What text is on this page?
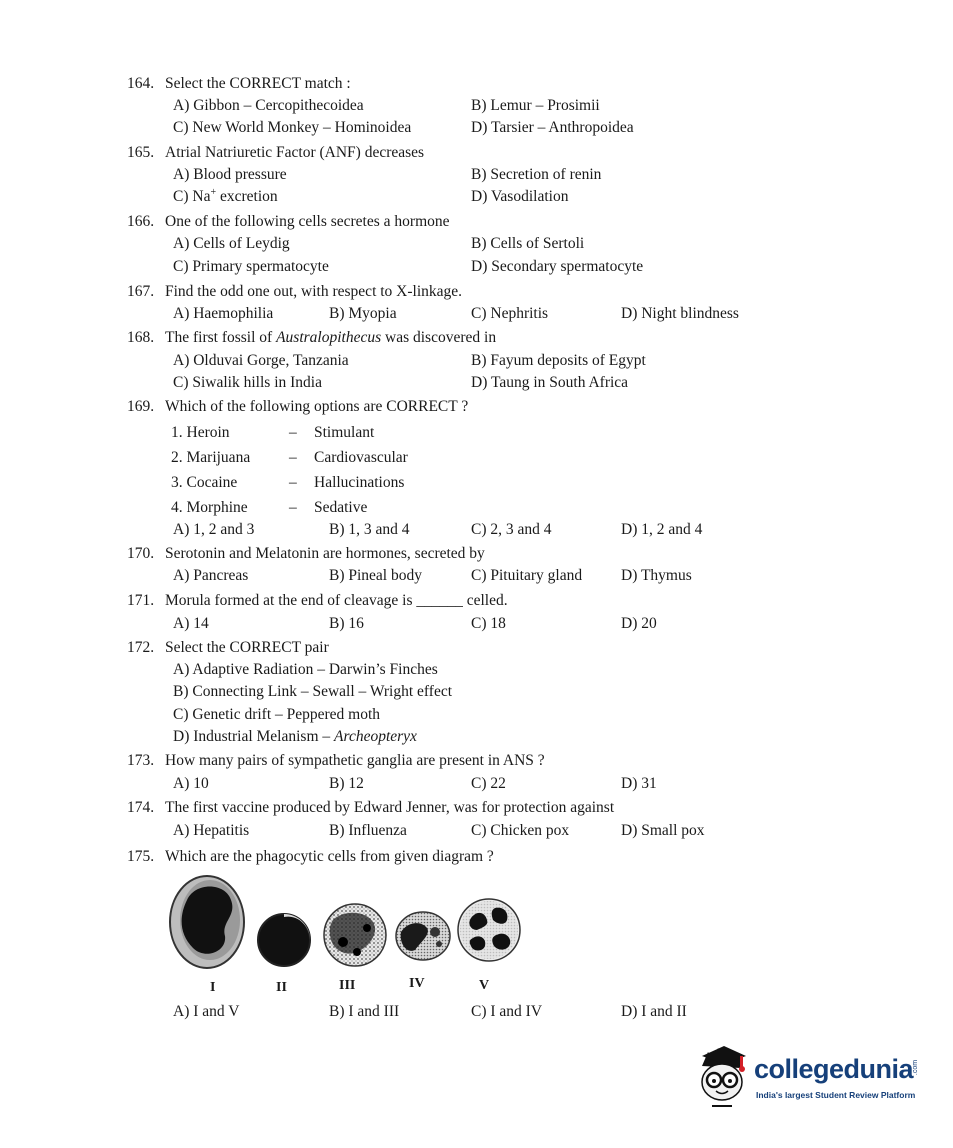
164. Select the CORRECT match :
A) Gibbon – Cercopithecoidea	B) Lemur – Prosimii
C) New World Monkey – Hominoidea	D) Tarsier – Anthropoidea
165. Atrial Natriuretic Factor (ANF) decreases
A) Blood pressure	B) Secretion of renin
C) Na+ excretion	D) Vasodilation
166. One of the following cells secretes a hormone
A) Cells of Leydig	B) Cells of Sertoli
C) Primary spermatocyte	D) Secondary spermatocyte
167. Find the odd one out, with respect to X-linkage.
A) Haemophilia	B) Myopia	C) Nephritis	D) Night blindness
168. The first fossil of Australopithecus was discovered in
A) Olduvai Gorge, Tanzania	B) Fayum deposits of Egypt
C) Siwalik hills in India	D) Taung in South Africa
169. Which of the following options are CORRECT ?
1. Heroin	– Stimulant
2. Marijuana	– Cardiovascular
3. Cocaine	– Hallucinations
4. Morphine	– Sedative
A) 1, 2 and 3	B) 1, 3 and 4	C) 2, 3 and 4	D) 1, 2 and 4
170. Serotonin and Melatonin are hormones, secreted by
A) Pancreas	B) Pineal body	C) Pituitary gland	D) Thymus
171. Morula formed at the end of cleavage is ______ celled.
A) 14	B) 16	C) 18	D) 20
172. Select the CORRECT pair
A) Adaptive Radiation – Darwin’s Finches
B) Connecting Link – Sewall – Wright effect
C) Genetic drift – Peppered moth
D) Industrial Melanism – Archeopteryx
173. How many pairs of sympathetic ganglia are present in ANS ?
A) 10	B) 12	C) 22	D) 31
174. The first vaccine produced by Edward Jenner, was for protection against
A) Hepatitis	B) Influenza	C) Chicken pox	D) Small pox
175. Which are the phagocytic cells from given diagram ?
I	II	III	IV	V
A) I and V	B) I and III	C) I and IV	D) I and II
collegedunia .com
India's largest Student Review Platform
